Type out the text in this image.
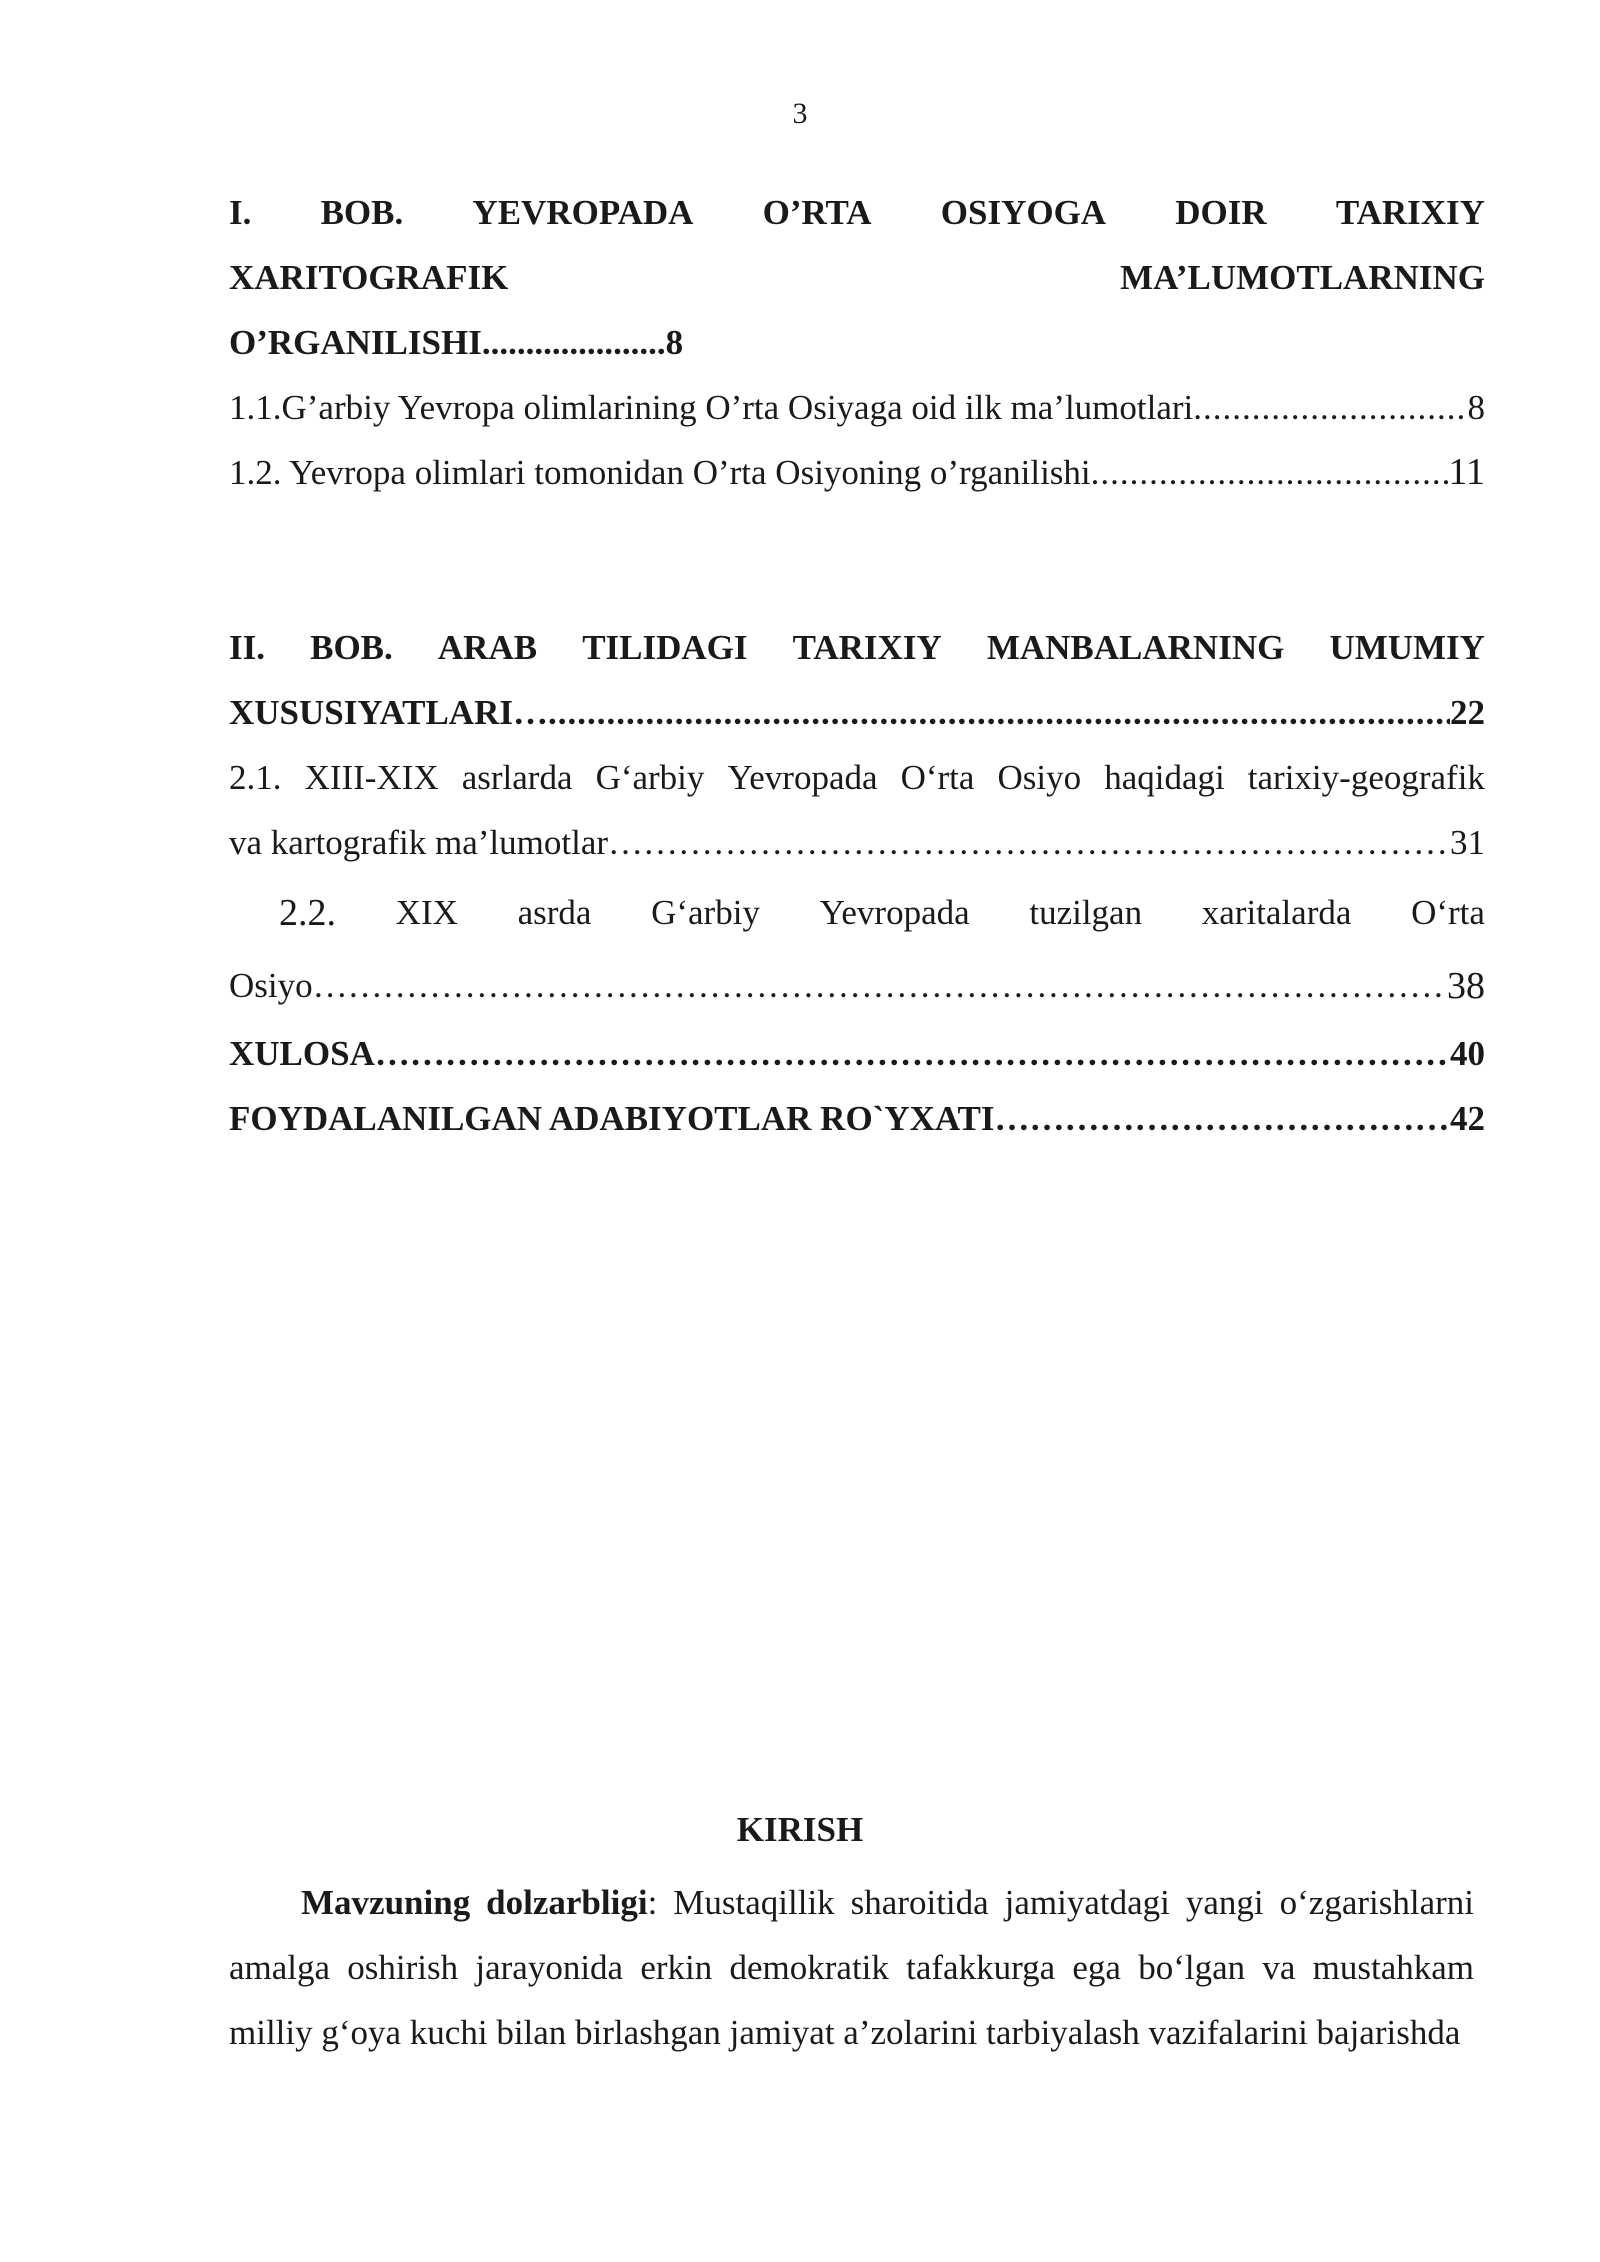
3
I. BOB. YEVROPADA O’RTA OSIYOGA DOIR TARIXIY
XARITOGRAFIK	MA’LUMOTLARNING
O’RGANILISHI.....................8
1.1.G’arbiy Yevropa olimlarining O’rta Osiyaga oid ilk ma’lumotlari .....	8
1.2. Yevropa olimlari tomonidan O’rta Osiyoning o’rganilishi .....	11
II. BOB. ARAB TILIDAGI TARIXIY MANBALARNING UMUMIY
XUSUSIYATLARI… .....	22
2.1. XIII-XIX asrlarda G‘arbiy Yevropada O‘rta Osiyo haqidagi tarixiy-geografik
va kartografik ma’lumotlar ……………………………………………………………………………………………………………………………………………………………………	31
2.2. XIX asrda G‘arbiy Yevropada tuzilgan xaritalarda O‘rta
Osiyo ……………………………………………………………………………………………………………………………………………………………………	38
XULOSA ……………………………………………………………………………………………………………………………………………………………………	40
FOYDALANILGAN ADABIYOTLAR RO`YXATI ……………………………………………………………………………………………………………………………………………………………………	42
KIRISH

Mavzuning dolzarbligi: Mustaqillik sharoitida jamiyatdagi yangi o‘zgarishlarni amalga oshirish jarayonida erkin demokratik tafakkurga ega bo‘lgan va mustahkam milliy g‘oya kuchi bilan birlashgan jamiyat a’zolarini tarbiyalash vazifalarini bajarishda
